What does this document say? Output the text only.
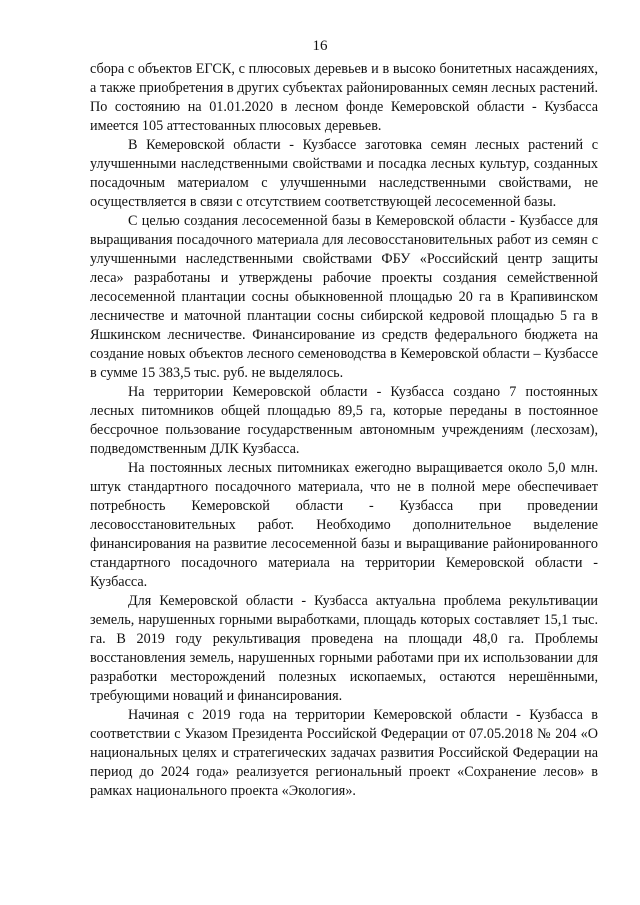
16

сбора с объектов ЕГСК, с плюсовых деревьев и в высоко бонитетных насаждениях, а также приобретения в других субъектах районированных семян лесных растений. По состоянию на 01.01.2020 в лесном фонде Кемеровской области - Кузбасса имеется 105 аттестованных плюсовых деревьев.

В Кемеровской области - Кузбассе заготовка семян лесных растений с улучшенными наследственными свойствами и посадка лесных культур, созданных посадочным материалом с улучшенными наследственными свойствами, не осуществляется в связи с отсутствием соответствующей лесосеменной базы.

С целью создания лесосеменной базы в Кемеровской области - Кузбассе для выращивания посадочного материала для лесовосстановительных работ из семян с улучшенными наследственными свойствами ФБУ «Российский центр защиты леса» разработаны и утверждены рабочие проекты создания семейственной лесосеменной плантации сосны обыкновенной площадью 20 га в Крапивинском лесничестве и маточной плантации сосны сибирской кедровой площадью 5 га в Яшкинском лесничестве. Финансирование из средств федерального бюджета на создание новых объектов лесного семеноводства в Кемеровской области – Кузбассе в сумме 15 383,5 тыс. руб. не выделялось.

На территории Кемеровской области - Кузбасса создано 7 постоянных лесных питомников общей площадью 89,5 га, которые переданы в постоянное бессрочное пользование государственным автономным учреждениям (лесхозам), подведомственным ДЛК Кузбасса.

На постоянных лесных питомниках ежегодно выращивается около 5,0 млн. штук стандартного посадочного материала, что не в полной мере обеспечивает потребность Кемеровской области - Кузбасса при проведении лесовосстановительных работ. Необходимо дополнительное выделение финансирования на развитие лесосеменной базы и выращивание районированного стандартного посадочного материала на территории Кемеровской области - Кузбасса.

Для Кемеровской области - Кузбасса актуальна проблема рекультивации земель, нарушенных горными выработками, площадь которых составляет 15,1 тыс. га. В 2019 году рекультивация проведена на площади 48,0 га. Проблемы восстановления земель, нарушенных горными работами при их использовании для разработки месторождений полезных ископаемых, остаются нерешёнными, требующими новаций и финансирования.

Начиная с 2019 года на территории Кемеровской области - Кузбасса в соответствии с Указом Президента Российской Федерации от 07.05.2018 № 204 «О национальных целях и стратегических задачах развития Российской Федерации на период до 2024 года» реализуется региональный проект «Сохранение лесов» в рамках национального проекта «Экология».
